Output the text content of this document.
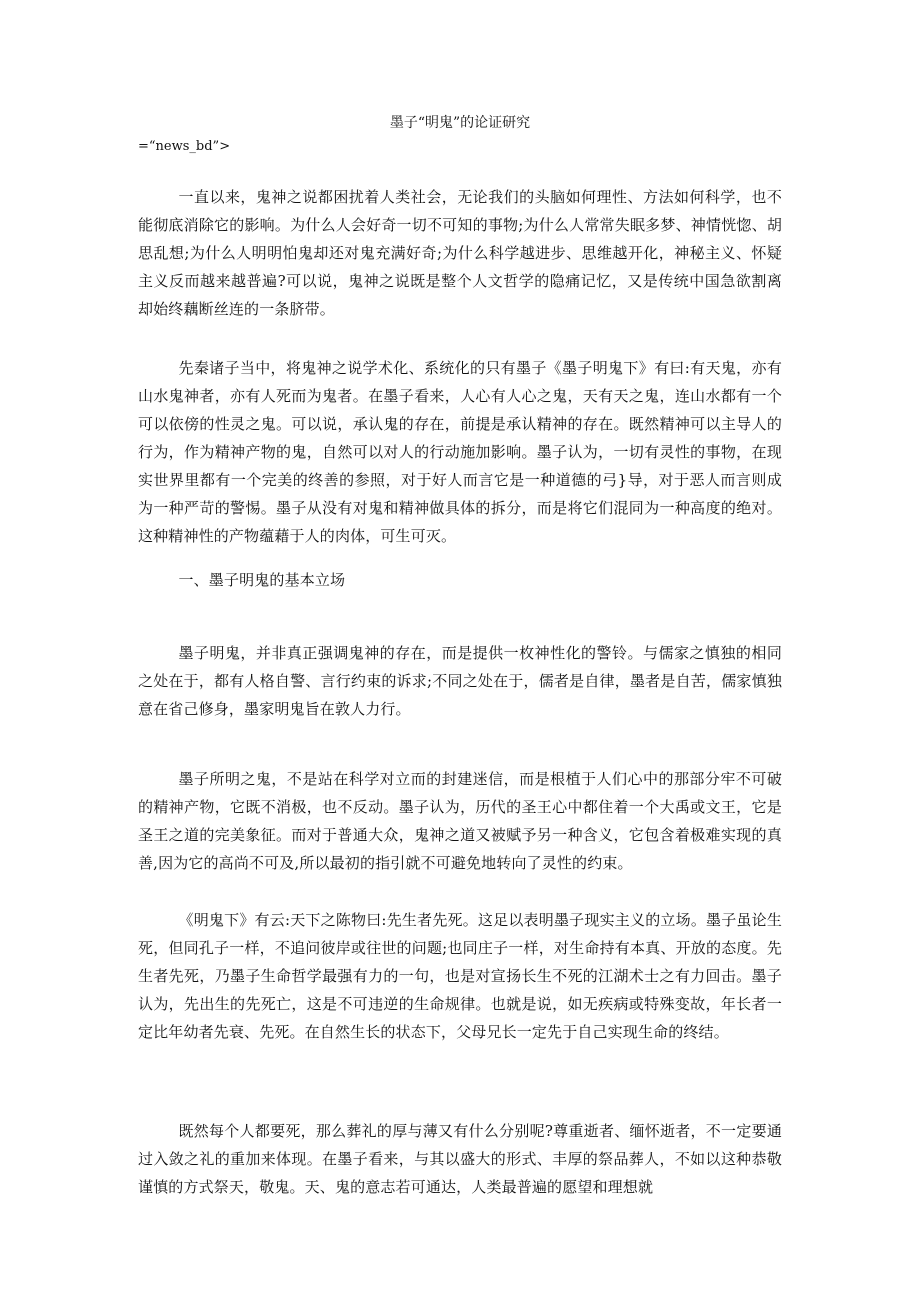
墨子“明鬼”的论证研究
=“news_bd”>

一直以来，鬼神之说都困扰着人类社会，无论我们的头脑如何理性、方法如何科学，也不能彻底消除它的影响。为什么人会好奇一切不可知的事物;为什么人常常失眠多梦、神情恍惚、胡思乱想;为什么人明明怕鬼却还对鬼充满好奇;为什么科学越进步、思维越开化，神秘主义、怀疑主义反而越来越普遍?可以说，鬼神之说既是整个人文哲学的隐痛记忆，又是传统中国急欲割离却始终藕断丝连的一条脐带。

先秦诸子当中，将鬼神之说学术化、系统化的只有墨子《墨子明鬼下》有曰:有天鬼，亦有山水鬼神者，亦有人死而为鬼者。在墨子看来，人心有人心之鬼，天有天之鬼，连山水都有一个可以依傍的性灵之鬼。可以说，承认鬼的存在，前提是承认精神的存在。既然精神可以主导人的行为，作为精神产物的鬼，自然可以对人的行动施加影响。墨子认为，一切有灵性的事物，在现实世界里都有一个完美的终善的参照，对于好人而言它是一种道德的弓}导，对于恶人而言则成为一种严苛的警惕。墨子从没有对鬼和精神做具体的拆分，而是将它们混同为一种高度的绝对。这种精神性的产物蕴藉于人的肉体，可生可灭。

一、墨子明鬼的基本立场

墨子明鬼，并非真正强调鬼神的存在，而是提供一枚神性化的警铃。与儒家之慎独的相同之处在于，都有人格自警、言行约束的诉求;不同之处在于，儒者是自律，墨者是自苦，儒家慎独意在省己修身，墨家明鬼旨在敦人力行。

墨子所明之鬼，不是站在科学对立而的封建迷信，而是根植于人们心中的那部分牢不可破的精神产物，它既不消极，也不反动。墨子认为，历代的圣王心中都住着一个大禹或文王，它是圣王之道的完美象征。而对于普通大众，鬼神之道又被赋予另一种含义，它包含着极难实现的真善,因为它的高尚不可及,所以最初的指引就不可避免地转向了灵性的约束。

《明鬼下》有云:天下之陈物曰:先生者先死。这足以表明墨子现实主义的立场。墨子虽论生死，但同孔子一样，不追问彼岸或往世的问题;也同庄子一样，对生命持有本真、开放的态度。先生者先死，乃墨子生命哲学最强有力的一句，也是对宣扬长生不死的江湖术士之有力回击。墨子认为，先出生的先死亡，这是不可违逆的生命规律。也就是说，如无疾病或特殊变故，年长者一定比年幼者先衰、先死。在自然生长的状态下，父母兄长一定先于自己实现生命的终结。

既然每个人都要死，那么葬礼的厚与薄又有什么分别呢?尊重逝者、缅怀逝者，不一定要通过入敛之礼的重加来体现。在墨子看来，与其以盛大的形式、丰厚的祭品葬人，不如以这种恭敬谨慎的方式祭天，敬鬼。天、鬼的意志若可通达，人类最普遍的愿望和理想就
